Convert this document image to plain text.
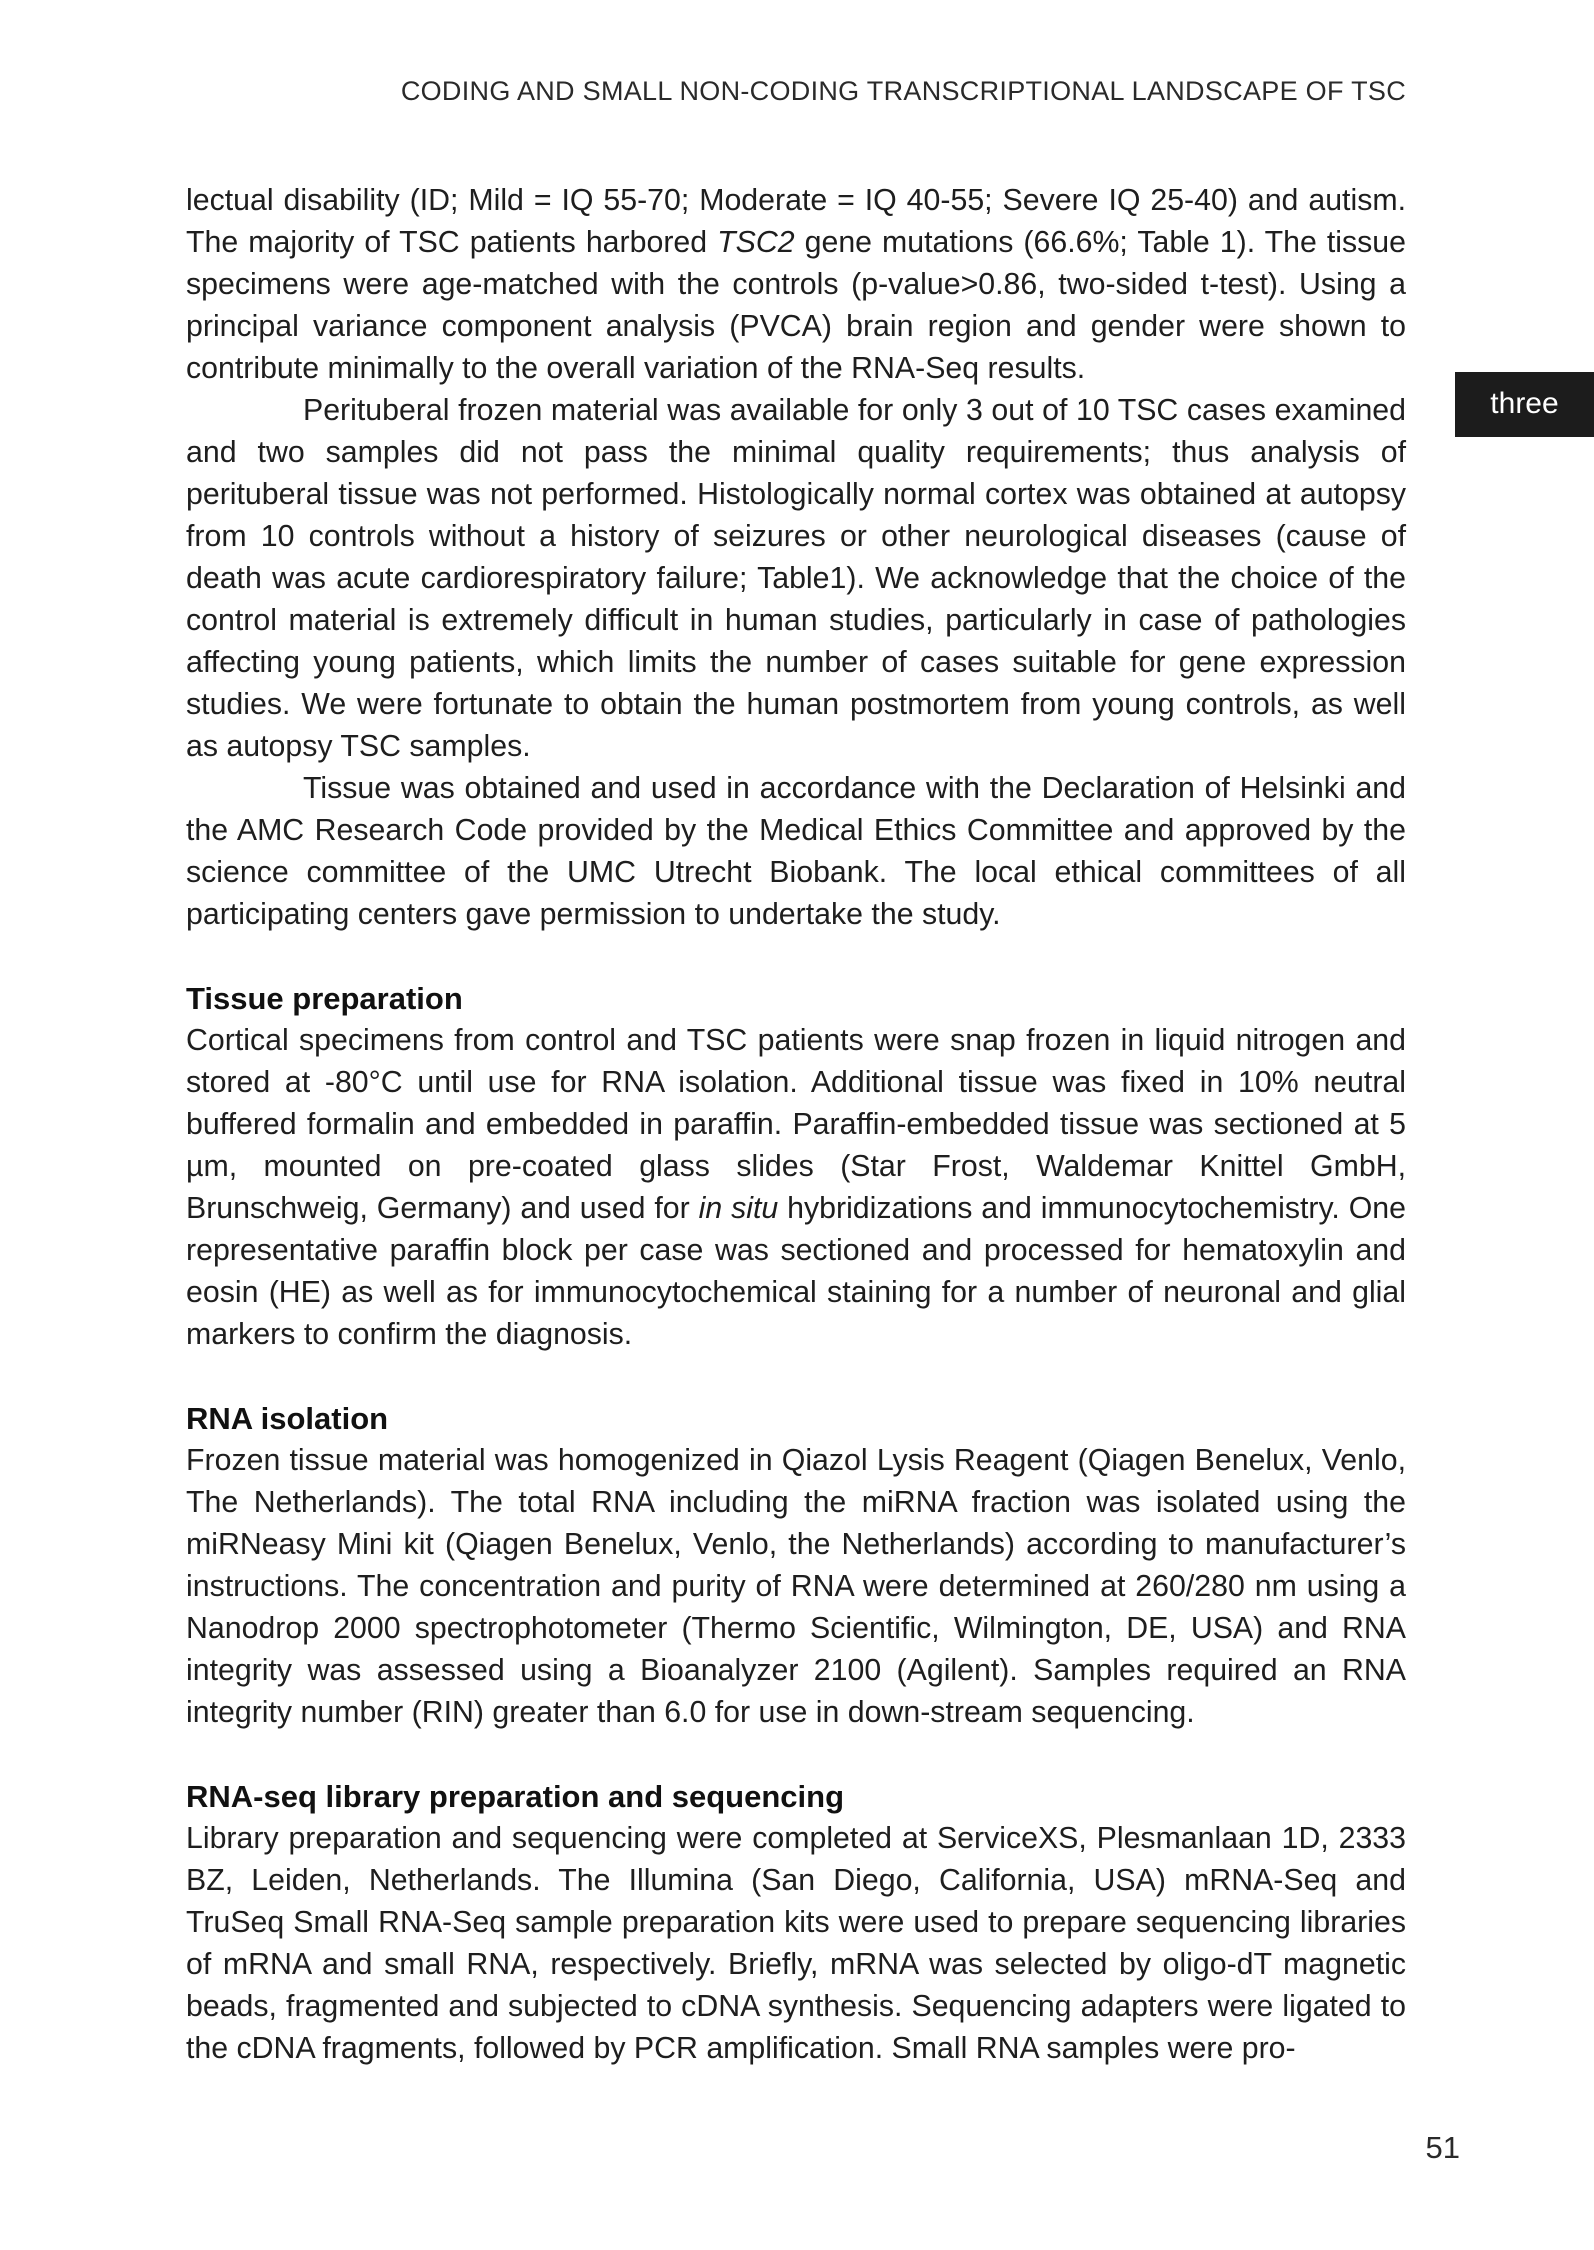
CODING AND SMALL NON-CODING TRANSCRIPTIONAL LANDSCAPE OF TSC
three

lectual disability (ID; Mild = IQ 55-70; Moderate = IQ 40-55; Severe IQ 25-40) and autism. The majority of TSC patients harbored TSC2 gene mutations (66.6%; Table 1). The tissue specimens were age-matched with the controls (p-value>0.86, two-sided t-test). Using a principal variance component analysis (PVCA) brain region and gender were shown to contribute minimally to the overall variation of the RNA-Seq results.

Perituberal frozen material was available for only 3 out of 10 TSC cases examined and two samples did not pass the minimal quality requirements; thus analysis of perituberal tissue was not performed. Histologically normal cortex was obtained at autopsy from 10 controls without a history of seizures or other neurological diseases (cause of death was acute cardiorespiratory failure; Table1). We acknowledge that the choice of the control material is extremely difficult in human studies, particularly in case of pathologies affecting young patients, which limits the number of cases suitable for gene expression studies. We were fortunate to obtain the human postmortem from young controls, as well as autopsy TSC samples.

Tissue was obtained and used in accordance with the Declaration of Helsinki and the AMC Research Code provided by the Medical Ethics Committee and approved by the science committee of the UMC Utrecht Biobank. The local ethical committees of all participating centers gave permission to undertake the study.

Tissue preparation

Cortical specimens from control and TSC patients were snap frozen in liquid nitrogen and stored at -80°C until use for RNA isolation. Additional tissue was fixed in 10% neutral buffered formalin and embedded in paraffin. Paraffin-embedded tissue was sectioned at 5 µm, mounted on pre-coated glass slides (Star Frost, Waldemar Knittel GmbH, Brunschweig, Germany) and used for in situ hybridizations and immunocytochemistry. One representative paraffin block per case was sectioned and processed for hematoxylin and eosin (HE) as well as for immunocytochemical staining for a number of neuronal and glial markers to confirm the diagnosis.

RNA isolation

Frozen tissue material was homogenized in Qiazol Lysis Reagent (Qiagen Benelux, Venlo, The Netherlands). The total RNA including the miRNA fraction was isolated using the miRNeasy Mini kit (Qiagen Benelux, Venlo, the Netherlands) according to manufacturer’s instructions. The concentration and purity of RNA were determined at 260/280 nm using a Nanodrop 2000 spectrophotometer (Thermo Scientific, Wilmington, DE, USA) and RNA integrity was assessed using a Bioanalyzer 2100 (Agilent). Samples required an RNA integrity number (RIN) greater than 6.0 for use in down-stream sequencing.

RNA-seq library preparation and sequencing

Library preparation and sequencing were completed at ServiceXS, Plesmanlaan 1D, 2333 BZ, Leiden, Netherlands. The Illumina (San Diego, California, USA) mRNA-Seq and TruSeq Small RNA-Seq sample preparation kits were used to prepare sequencing libraries of mRNA and small RNA, respectively. Briefly, mRNA was selected by oligo-dT magnetic beads, fragmented and subjected to cDNA synthesis. Sequencing adapters were ligated to the cDNA fragments, followed by PCR amplification. Small RNA samples were pro-

51
